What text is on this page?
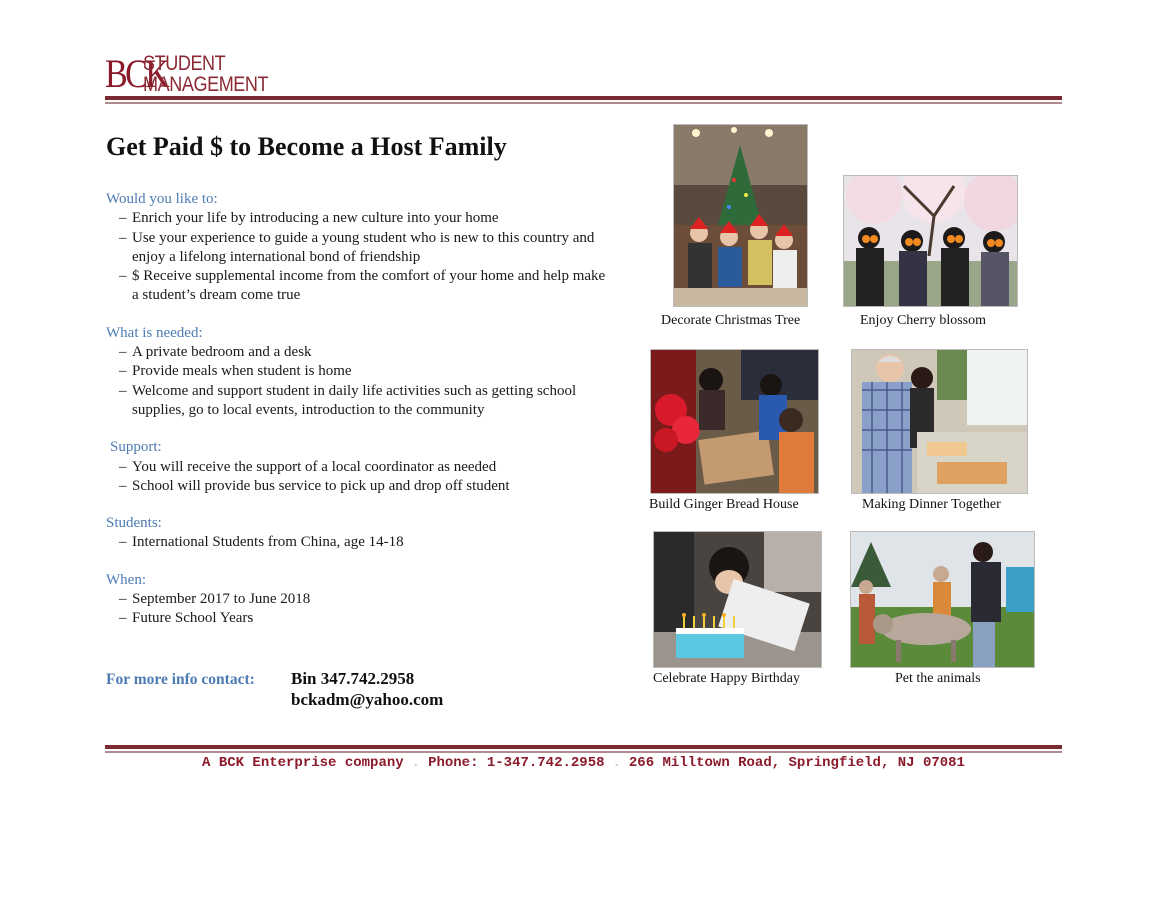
BCK
STUDENT
MANAGEMENT
Get Paid $ to Become a Host Family

Would you like to:

– Enrich your life by introducing a new culture into your home
– Use your experience to guide a young student who is new to this country and enjoy a lifelong international bond of friendship
– $ Receive supplemental income from the comfort of your home and help make a student’s dream come true

What is needed:

– A private bedroom and a desk
– Provide meals when student is home
– Welcome and support student in daily life activities such as getting school supplies, go to local events, introduction to the community

Support:

– You will receive the support of a local coordinator as needed
– School will provide bus service to pick up and drop off student

Students:

– International Students from China, age 14-18

When:

– September 2017 to June 2018
– Future School Years
For more info contact: Bin 347.742.2958
bckadm@yahoo.com
Decorate Christmas Tree	Enjoy Cherry blossom
Build Ginger Bread House	Making Dinner Together
Celebrate Happy Birthday	Pet the animals
A BCK Enterprise company . Phone: 1-347.742.2958 . 266 Milltown Road, Springfield, NJ 07081
